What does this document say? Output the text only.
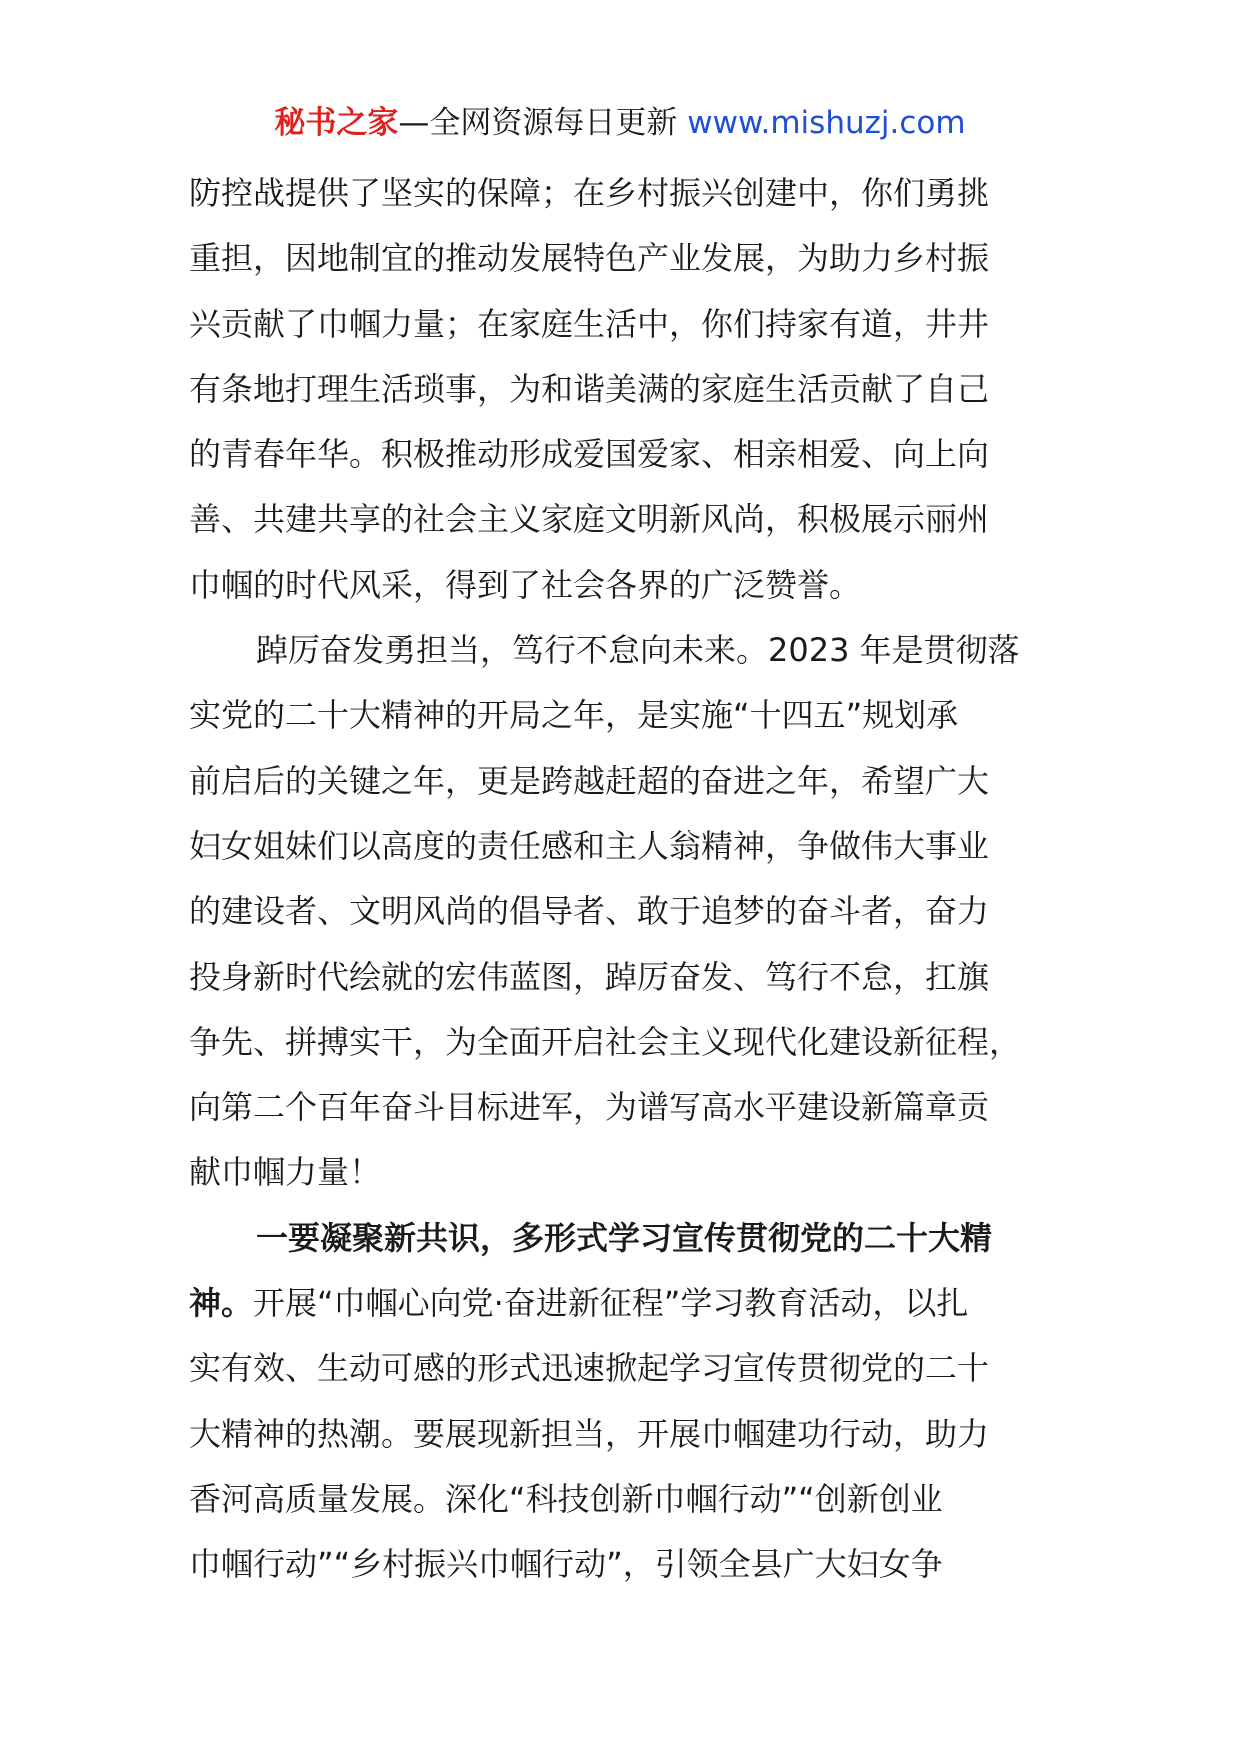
秘书之家—全网资源每日更新 www.mishuzj.com
防控战提供了坚实的保障；在乡村振兴创建中，你们勇挑
重担，因地制宜的推动发展特色产业发展，为助力乡村振
兴贡献了巾帼力量；在家庭生活中，你们持家有道，井井
有条地打理生活琐事，为和谐美满的家庭生活贡献了自己
的青春年华。积极推动形成爱国爱家、相亲相爱、向上向
善、共建共享的社会主义家庭文明新风尚，积极展示丽州
巾帼的时代风采，得到了社会各界的广泛赞誉。
踔厉奋发勇担当，笃行不怠向未来。2023 年是贯彻落
实党的二十大精神的开局之年，是实施“十四五”规划承
前启后的关键之年，更是跨越赶超的奋进之年，希望广大
妇女姐妹们以高度的责任感和主人翁精神，争做伟大事业
的建设者、文明风尚的倡导者、敢于追梦的奋斗者，奋力
投身新时代绘就的宏伟蓝图，踔厉奋发、笃行不怠，扛旗
争先、拼搏实干，为全面开启社会主义现代化建设新征程，
向第二个百年奋斗目标进军，为谱写高水平建设新篇章贡
献巾帼力量！
一要凝聚新共识，多形式学习宣传贯彻党的二十大精
神。开展“巾帼心向党·奋进新征程”学习教育活动，以扎
实有效、生动可感的形式迅速掀起学习宣传贯彻党的二十
大精神的热潮。要展现新担当，开展巾帼建功行动，助力
香河高质量发展。深化“科技创新巾帼行动”“创新创业
巾帼行动”“乡村振兴巾帼行动”，引领全县广大妇女争
